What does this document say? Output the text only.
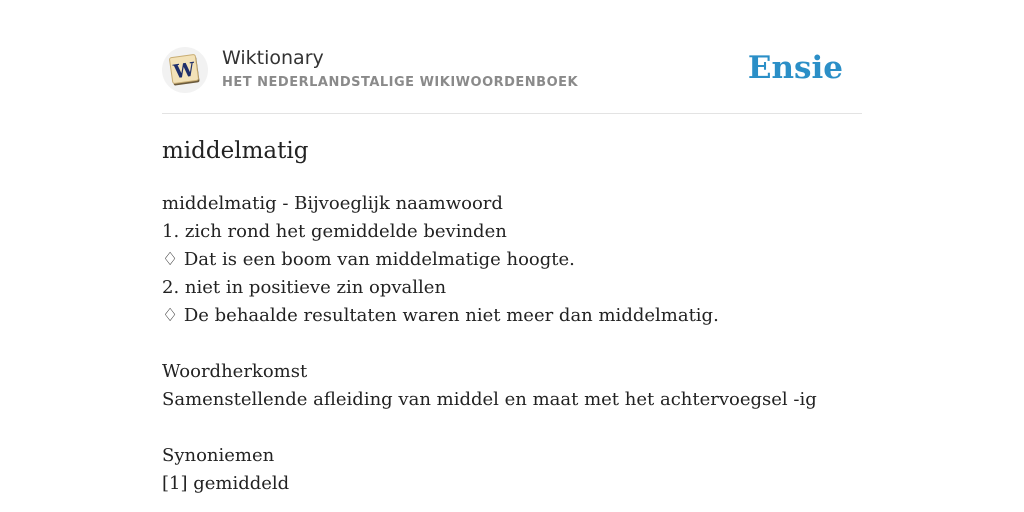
W
Wiktionary
HET NEDERLANDSTALIGE WIKIWOORDENBOEK	Ensie
middelmatig
middelmatig - Bijvoeglijk naamwoord
1. zich rond het gemiddelde bevinden
♢ Dat is een boom van middelmatige hoogte.
2. niet in positieve zin opvallen
♢ De behaalde resultaten waren niet meer dan middelmatig.
Woordherkomst
Samenstellende afleiding van middel en maat met het achtervoegsel -ig
Synoniemen
[1] gemiddeld
